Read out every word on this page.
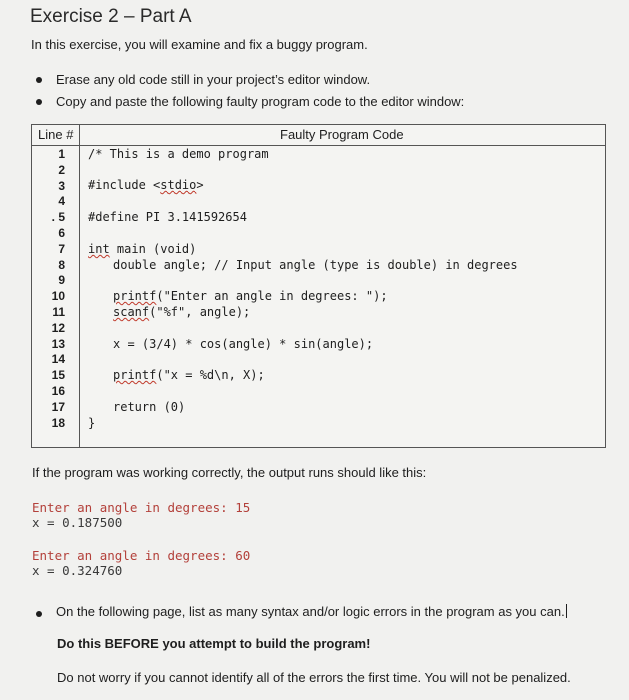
Exercise 2 – Part A
In this exercise, you will examine and fix a buggy program.
Erase any old code still in your project’s editor window.
Copy and paste the following faulty program code to the editor window:
Line #	Faulty Program Code
1
2
3
4
. 5
6
7
8
9
10
11
12
13
14
15
16
17
18
/* This is a demo program
#include <stdio>
#define PI 3.141592654
int main (void)
double angle; // Input angle (type is double) in degrees
printf("Enter an angle in degrees: ");
scanf("%f", angle);
x = (3/4) * cos(angle) * sin(angle);
printf("x = %d\n, X);
return (0)
}
If the program was working correctly, the output runs should like this:
Enter an angle in degrees: 15
x = 0.187500
Enter an angle in degrees: 60
x = 0.324760
On the following page, list as many syntax and/or logic errors in the program as you can.
Do this BEFORE you attempt to build the program!
Do not worry if you cannot identify all of the errors the first time. You will not be penalized.
